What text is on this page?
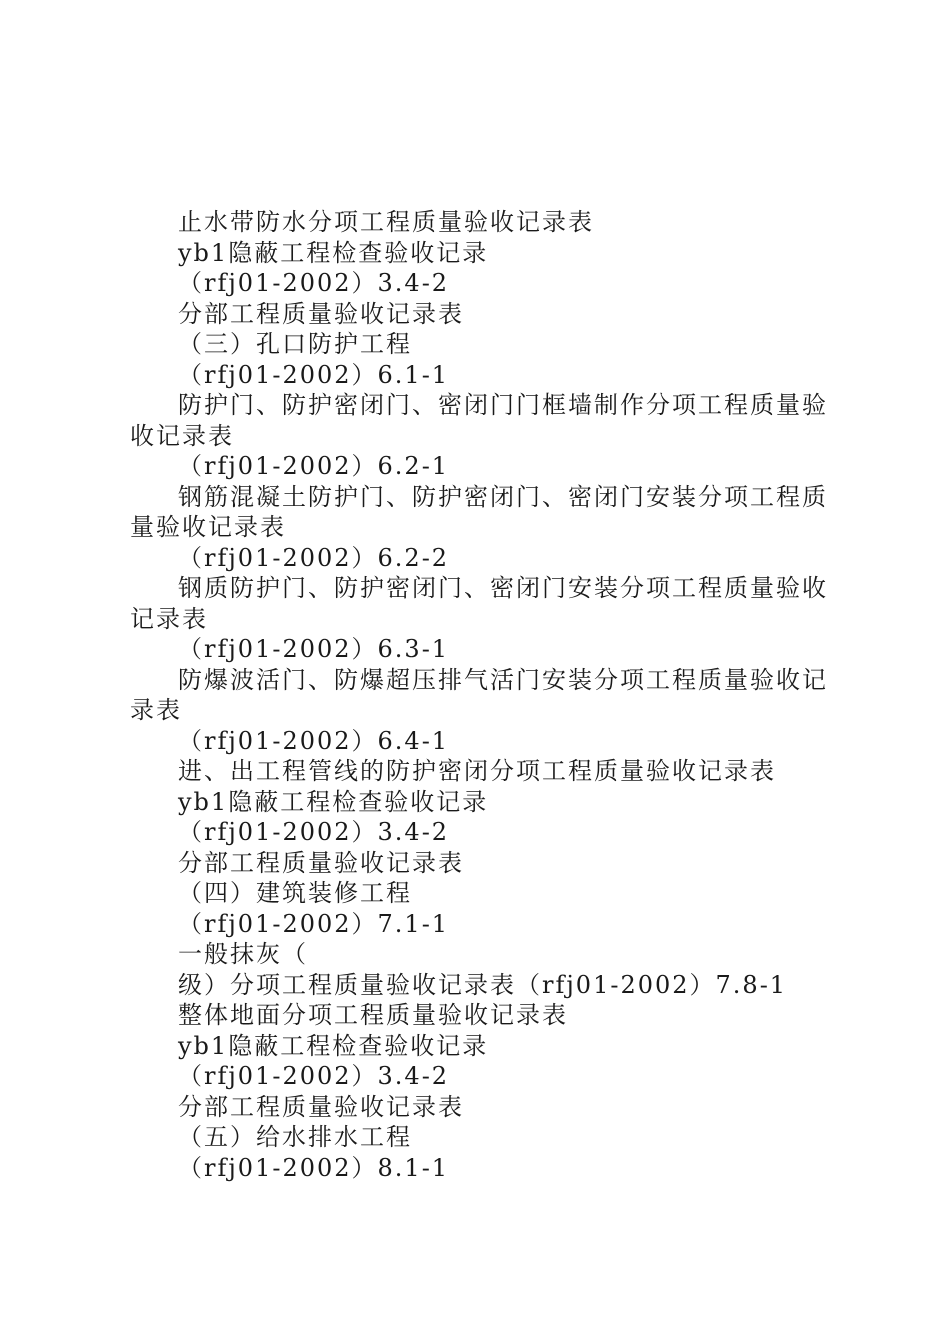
止水带防水分项工程质量验收记录表
yb1隐蔽工程检查验收记录
（rfj01-2002）3.4-2
分部工程质量验收记录表
（三）孔口防护工程
（rfj01-2002）6.1-1
防护门、防护密闭门、密闭门门框墙制作分项工程质量验
收记录表
（rfj01-2002）6.2-1
钢筋混凝土防护门、防护密闭门、密闭门安装分项工程质
量验收记录表
（rfj01-2002）6.2-2
钢质防护门、防护密闭门、密闭门安装分项工程质量验收
记录表
（rfj01-2002）6.3-1
防爆波活门、防爆超压排气活门安装分项工程质量验收记
录表
（rfj01-2002）6.4-1
进、出工程管线的防护密闭分项工程质量验收记录表
yb1隐蔽工程检查验收记录
（rfj01-2002）3.4-2
分部工程质量验收记录表
（四）建筑装修工程
（rfj01-2002）7.1-1
一般抹灰（
级）分项工程质量验收记录表（rfj01-2002）7.8-1
整体地面分项工程质量验收记录表
yb1隐蔽工程检查验收记录
（rfj01-2002）3.4-2
分部工程质量验收记录表
（五）给水排水工程
（rfj01-2002）8.1-1
